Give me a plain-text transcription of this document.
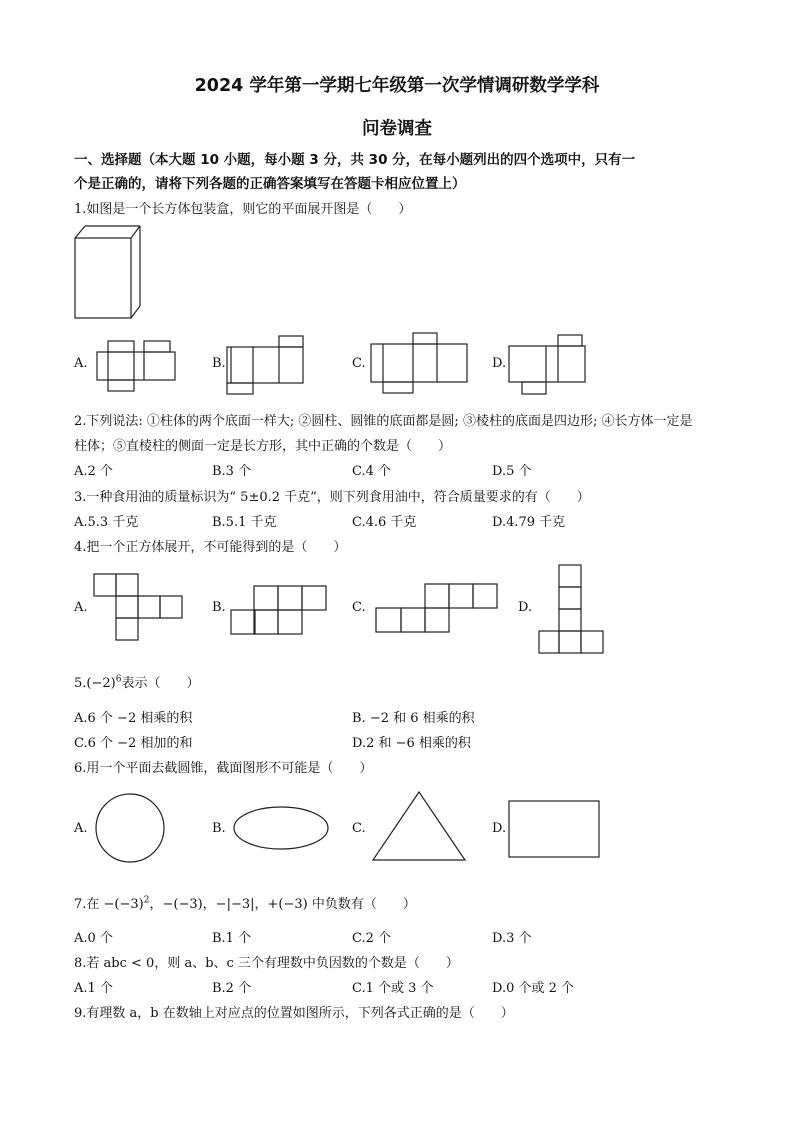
2024 学年第一学期七年级第一次学情调研数学学科
问卷调查
一、选择题（本大题 10 小题，每小题 3 分，共 30 分，在每小题列出的四个选项中，只有一
个是正确的，请将下列各题的正确答案填写在答题卡相应位置上）
1.如图是一个长方体包装盒，则它的平面展开图是（　　）
A.	B.	C.	D.
2.下列说法: ①柱体的两个底面一样大; ②圆柱、圆锥的底面都是圆; ③棱柱的底面是四边形; ④长方体一定是
柱体；⑤直棱柱的侧面一定是长方形，其中正确的个数是（　　）
A.2 个	B.3 个	C.4 个	D.5 个
3.一种食用油的质量标识为“ 5±0.2 千克”，则下列食用油中，符合质量要求的有（　　）
A.5.3 千克	B.5.1 千克	C.4.6 千克	D.4.79 千克
4.把一个正方体展开，不可能得到的是（　　）
A.	B.	C.	D.
$5.(-2)^6$表示（　　）
A.6 个 −2 相乘的积	B. −2 和 6 相乘的积
C.6 个 −2 相加的和	D.2 和 −6 相乘的积
6.用一个平面去截圆锥，截面图形不可能是（　　）
A.	B.	C.	D.
7.在 $-(-3)^2$，−(−3)，−|−3|，+(−3) 中负数有（　　）
A.0 个	B.1 个	C.2 个	D.3 个
8.若 abc < 0，则 a、b、c 三个有理数中负因数的个数是（　　）
A.1 个	B.2 个	C.1 个或 3 个	D.0 个或 2 个
9.有理数 a，b 在数轴上对应点的位置如图所示，下列各式正确的是（　　）
